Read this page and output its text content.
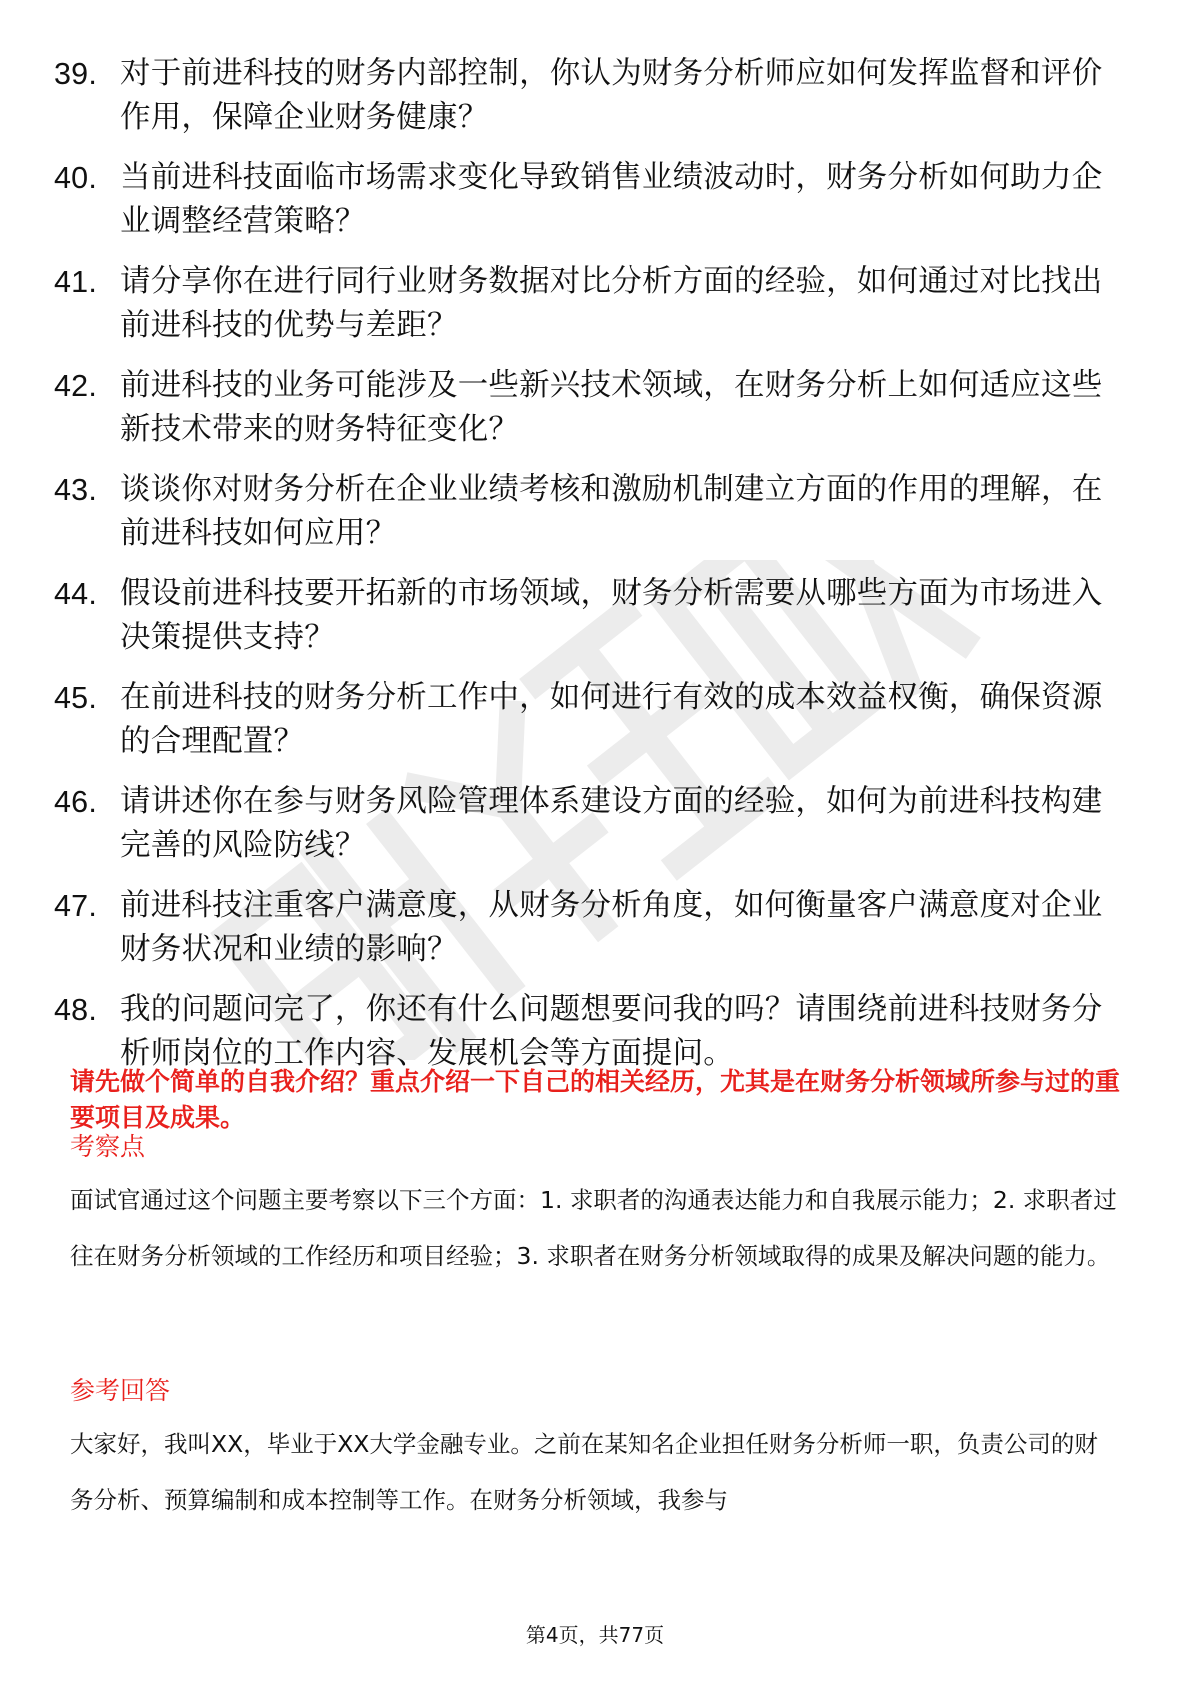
39. 对于前进科技的财务内部控制，你认为财务分析师应如何发挥监督和评价作用，保障企业财务健康？
40. 当前进科技面临市场需求变化导致销售业绩波动时，财务分析如何助力企业调整经营策略？
41. 请分享你在进行同行业财务数据对比分析方面的经验，如何通过对比找出前进科技的优势与差距？
42. 前进科技的业务可能涉及一些新兴技术领域，在财务分析上如何适应这些新技术带来的财务特征变化？
43. 谈谈你对财务分析在企业业绩考核和激励机制建立方面的作用的理解，在前进科技如何应用？
44. 假设前进科技要开拓新的市场领域，财务分析需要从哪些方面为市场进入决策提供支持？
45. 在前进科技的财务分析工作中，如何进行有效的成本效益权衡，确保资源的合理配置？
46. 请讲述你在参与财务风险管理体系建设方面的经验，如何为前进科技构建完善的风险防线？
47. 前进科技注重客户满意度，从财务分析角度，如何衡量客户满意度对企业财务状况和业绩的影响？
48. 我的问题问完了，你还有什么问题想要问我的吗？请围绕前进科技财务分析师岗位的工作内容、发展机会等方面提问。
请先做个简单的自我介绍？重点介绍一下自己的相关经历，尤其是在财务分析领域所参与过的重要项目及成果。
考察点
面试官通过这个问题主要考察以下三个方面：1. 求职者的沟通表达能力和自我展示能力；2. 求职者过往在财务分析领域的工作经历和项目经验；3. 求职者在财务分析领域取得的成果及解决问题的能力。
参考回答
大家好，我叫XX，毕业于XX大学金融专业。之前在某知名企业担任财务分析师一职，负责公司的财务分析、预算编制和成本控制等工作。在财务分析领域，我参与
第4页，共77页
